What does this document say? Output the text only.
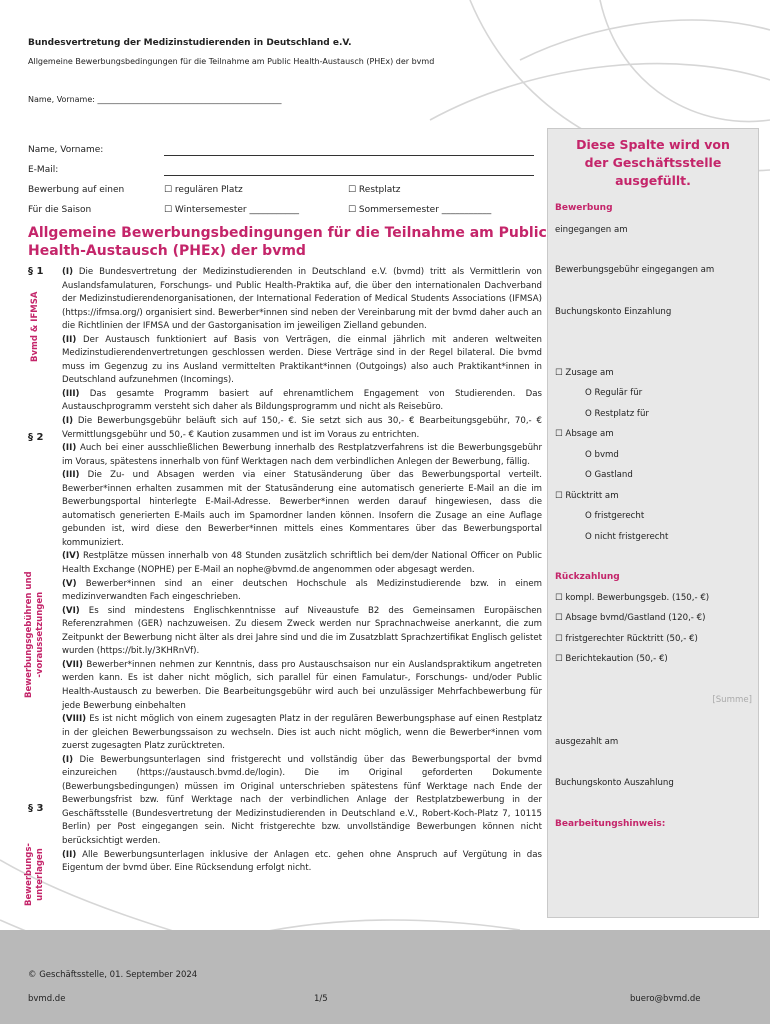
Bundesvertretung der Medizinstudierenden in Deutschland e.V.
Allgemeine Bewerbungsbedingungen für die Teilnahme am Public Health-Austausch (PHEx) der bvmd
Name, Vorname: ______________________________________________
Name, Vorname:
E-Mail:
Bewerbung auf einen	☐ regulären Platz	☐ Restplatz
Für die Saison	☐ Wintersemester ___________	☐ Sommersemester ___________
Allgemeine Bewerbungsbedingungen für die Teilnahme am Public Health-Austausch (PHEx) der bvmd
§ 1
Bvmd & IFMSA
§ 2
Bewerbungsgebühren und -voraussetzungen
§ 3
Bewerbungs- unterlagen

(I) Die Bundesvertretung der Medizinstudierenden in Deutschland e.V. (bvmd) tritt als Vermittlerin von Auslandsfamulaturen, Forschungs- und Public Health-Praktika auf, die über den internationalen Dachverband der Medizinstudierendenorganisationen, der International Federation of Medical Students Associations (IFMSA) (https://ifmsa.org/) organisiert sind. Bewerber*innen sind neben der Vereinbarung mit der bvmd daher auch an die Richtlinien der IFMSA und der Gastorganisation im jeweiligen Zielland gebunden.

(II) Der Austausch funktioniert auf Basis von Verträgen, die einmal jährlich mit anderen weltweiten Medizinstudierendenvertretungen geschlossen werden. Diese Verträge sind in der Regel bilateral. Die bvmd muss im Gegenzug zu ins Ausland vermittelten Praktikant*innen (Outgoings) also auch Praktikant*innen in Deutschland aufzunehmen (Incomings).

(III) Das gesamte Programm basiert auf ehrenamtlichem Engagement von Studierenden. Das Austauschprogramm versteht sich daher als Bildungsprogramm und nicht als Reisebüro.

(I) Die Bewerbungsgebühr beläuft sich auf 150,- €. Sie setzt sich aus 30,- € Bearbeitungsgebühr, 70,- € Vermittlungsgebühr und 50,- € Kaution zusammen und ist im Voraus zu entrichten.

(II) Auch bei einer ausschließlichen Bewerbung innerhalb des Restplatzverfahrens ist die Bewerbungsgebühr im Voraus, spätestens innerhalb von fünf Werktagen nach dem verbindlichen Anlegen der Bewerbung, fällig.

(III) Die Zu- und Absagen werden via einer Statusänderung über das Bewerbungsportal verteilt. Bewerber*innen erhalten zusammen mit der Statusänderung eine automatisch generierte E-Mail an die im Bewerbungsportal hinterlegte E-Mail-Adresse. Bewerber*innen werden darauf hingewiesen, dass die automatisch generierten E-Mails auch im Spamordner landen können. Insofern die Zusage an eine Auflage gebunden ist, wird diese den Bewerber*innen mittels eines Kommentares über das Bewerbungsportal kommuniziert.

(IV) Restplätze müssen innerhalb von 48 Stunden zusätzlich schriftlich bei dem/der National Officer on Public Health Exchange (NOPHE) per E-Mail an nophe@bvmd.de angenommen oder abgesagt werden.

(V) Bewerber*innen sind an einer deutschen Hochschule als Medizinstudierende bzw. in einem medizinverwandten Fach eingeschrieben.

(VI) Es sind mindestens Englischkenntnisse auf Niveaustufe B2 des Gemeinsamen Europäischen Referenzrahmen (GER) nachzuweisen. Zu diesem Zweck werden nur Sprachnachweise anerkannt, die zum Zeitpunkt der Bewerbung nicht älter als drei Jahre sind und die im Zusatzblatt Sprachzertifikat Englisch gelistet wurden (https://bit.ly/3KHRnVf).

(VII) Bewerber*innen nehmen zur Kenntnis, dass pro Austauschsaison nur ein Auslandspraktikum angetreten werden kann. Es ist daher nicht möglich, sich parallel für einen Famulatur-, Forschungs- und/oder Public Health-Austausch zu bewerben. Die Bearbeitungsgebühr wird auch bei unzulässiger Mehrfachbewerbung für jede Bewerbung einbehalten

(VIII) Es ist nicht möglich von einem zugesagten Platz in der regulären Bewerbungsphase auf einen Restplatz in der gleichen Bewerbungssaison zu wechseln. Dies ist auch nicht möglich, wenn die Bewerber*innen vom zuerst zugesagten Platz zurücktreten.

(I) Die Bewerbungsunterlagen sind fristgerecht und vollständig über das Bewerbungsportal der bvmd einzureichen (https://austausch.bvmd.de/login). Die im Original geforderten Dokumente (Bewerbungsbedingungen) müssen im Original unterschrieben spätestens fünf Werktage nach Ende der Bewerbungsfrist bzw. fünf Werktage nach der verbindlichen Anlage der Restplatzbewerbung in der Geschäftsstelle (Bundesvertretung der Medizinstudierenden in Deutschland e.V., Robert-Koch-Platz 7, 10115 Berlin) per Post eingegangen sein. Nicht fristgerechte bzw. unvollständige Bewerbungen können nicht berücksichtigt werden.

(II) Alle Bewerbungsunterlagen inklusive der Anlagen etc. gehen ohne Anspruch auf Vergütung in das Eigentum der bvmd über. Eine Rücksendung erfolgt nicht.

Diese Spalte wird von der Geschäftsstelle ausgefüllt.
Bewerbung
eingegangen am
Bewerbungsgebühr eingegangen am
Buchungskonto Einzahlung
☐ Zusage am
O Regulär für
O Restplatz für
☐ Absage am
O bvmd
O Gastland
☐ Rücktritt am
O fristgerecht
O nicht fristgerecht
Rückzahlung
☐ kompl. Bewerbungsgeb. (150,- €)
☐ Absage bvmd/Gastland (120,- €)
☐ fristgerechter Rücktritt (50,- €)
☐ Berichtekaution (50,- €)
[Summe]
ausgezahlt am
Buchungskonto Auszahlung
Bearbeitungshinweis:
© Geschäftsstelle, 01. September 2024
bvmd.de	1/5	buero@bvmd.de
